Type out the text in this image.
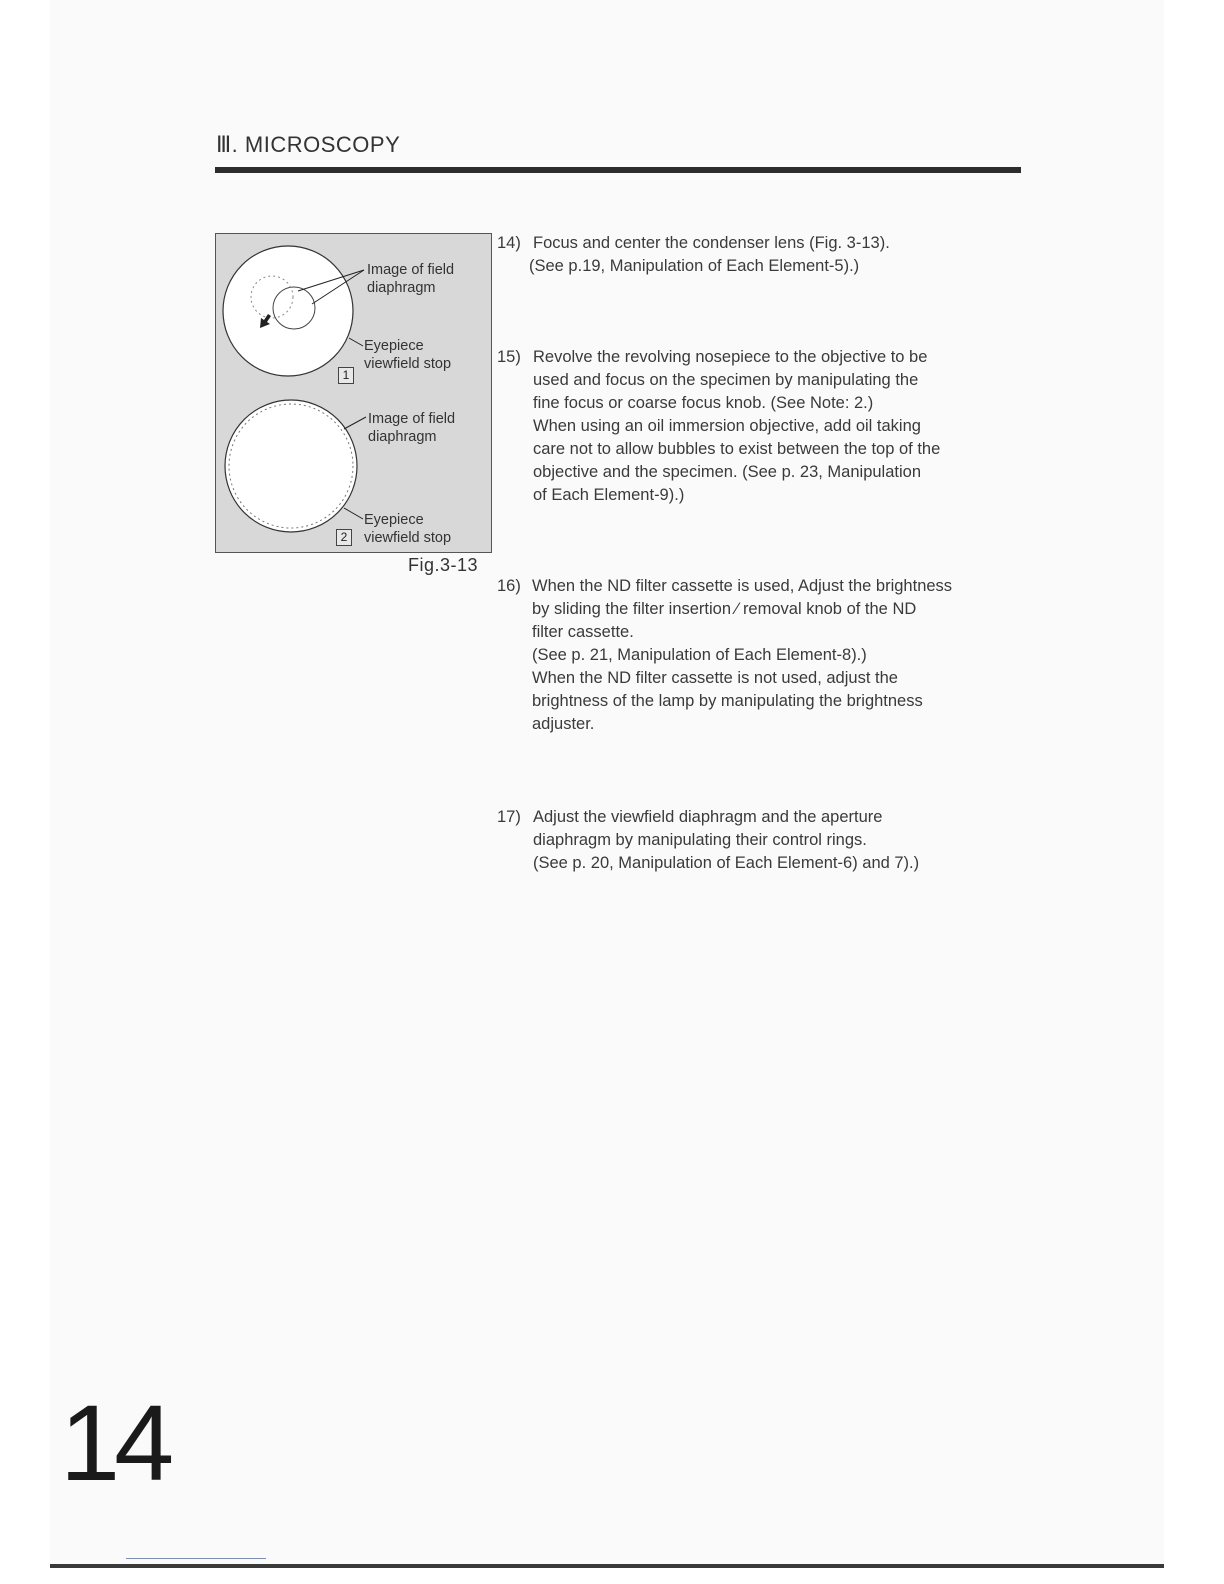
Ⅲ. MICROSCOPY
Image of field
diaphragm
Eyepiece
viewfield stop
1
Image of field
diaphragm
Eyepiece
viewfield stop
2
Fig.3-13
14) Focus and center the condenser lens (Fig. 3-13).
(See p.19, Manipulation of Each Element-5).)
15) Revolve the revolving nosepiece to the objective to be
used and focus on the specimen by manipulating the
fine focus or coarse focus knob. (See Note: 2.)
When using an oil immersion objective, add oil taking
care not to allow bubbles to exist between the top of the
objective and the specimen. (See p. 23, Manipulation
of Each Element-9).)
16) When the ND filter cassette is used, Adjust the brightness
by sliding the filter insertion ⁄ removal knob of the ND
filter cassette.
(See p. 21, Manipulation of Each Element-8).)
When the ND filter cassette is not used, adjust the
brightness of the lamp by manipulating the brightness
adjuster.
17) Adjust the viewfield diaphragm and the aperture
diaphragm by manipulating their control rings.
(See p. 20, Manipulation of Each Element-6) and 7).)
14
